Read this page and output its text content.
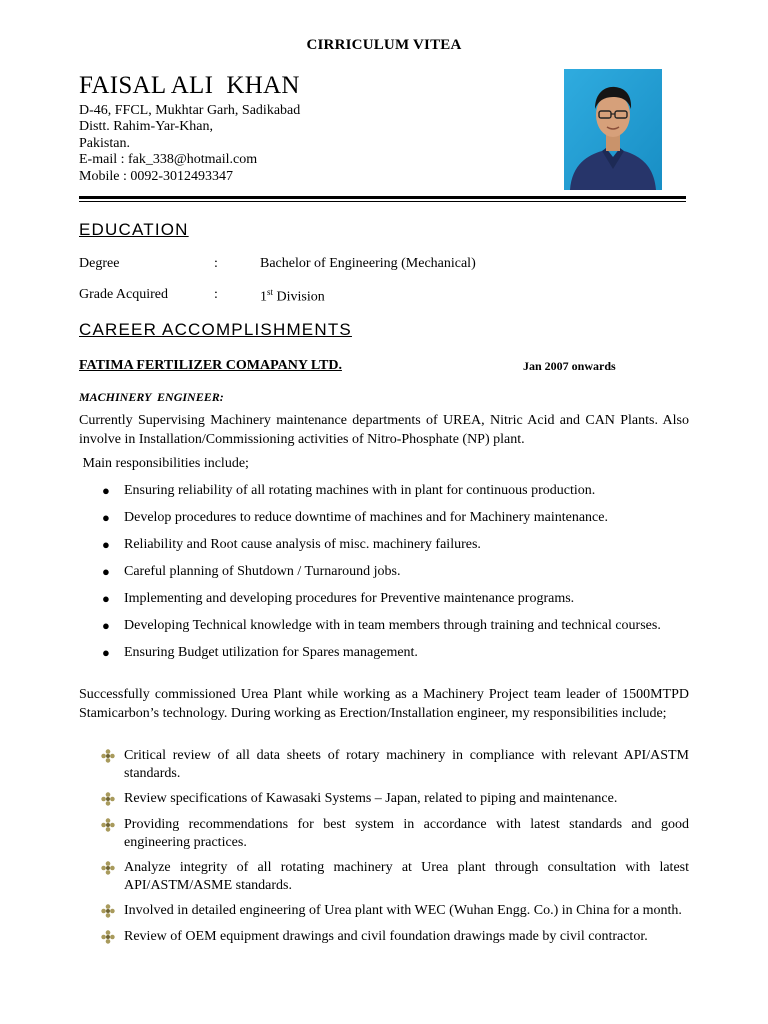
CIRRICULUM VITEA
FAISAL ALI  KHAN
D-46, FFCL, Mukhtar Garh, Sadikabad
Distt. Rahim-Yar-Khan,
Pakistan.
E-mail : fak_338@hotmail.com
Mobile : 0092-3012493347
EDUCATION
Degree	:	Bachelor of Engineering (Mechanical)
Grade Acquired	:	1st Division
CAREER ACCOMPLISHMENTS
FATIMA FERTILIZER COMAPANY LTD.	Jan 2007 onwards
MACHINERY  ENGINEER:
Currently Supervising Machinery maintenance departments of UREA, Nitric Acid and CAN Plants. Also involve in Installation/Commissioning activities of Nitro-Phosphate (NP) plant.
Main responsibilities include;
● Ensuring reliability of all rotating machines with in plant for continuous production.
● Develop procedures to reduce downtime of machines and for Machinery maintenance.
● Reliability and Root cause analysis of misc. machinery failures.
● Careful planning of Shutdown / Turnaround jobs.
● Implementing and developing procedures for Preventive maintenance programs.
● Developing Technical knowledge with in team members through training and technical courses.
● Ensuring Budget utilization for Spares management.
Successfully commissioned Urea Plant while working as a Machinery Project team leader of 1500MTPD Stamicarbon’s technology. During working as Erection/Installation engineer, my responsibilities include;
Critical review of all data sheets of rotary machinery in compliance with relevant API/ASTM standards.
Review specifications of Kawasaki Systems – Japan, related to piping and maintenance.
Providing recommendations for best system in accordance with latest standards and good engineering practices.
Analyze integrity of all rotating machinery at Urea plant through consultation with latest API/ASTM/ASME standards.
Involved in detailed engineering of Urea plant with WEC (Wuhan Engg. Co.) in China for a month.
Review of OEM equipment drawings and civil foundation drawings made by civil contractor.
